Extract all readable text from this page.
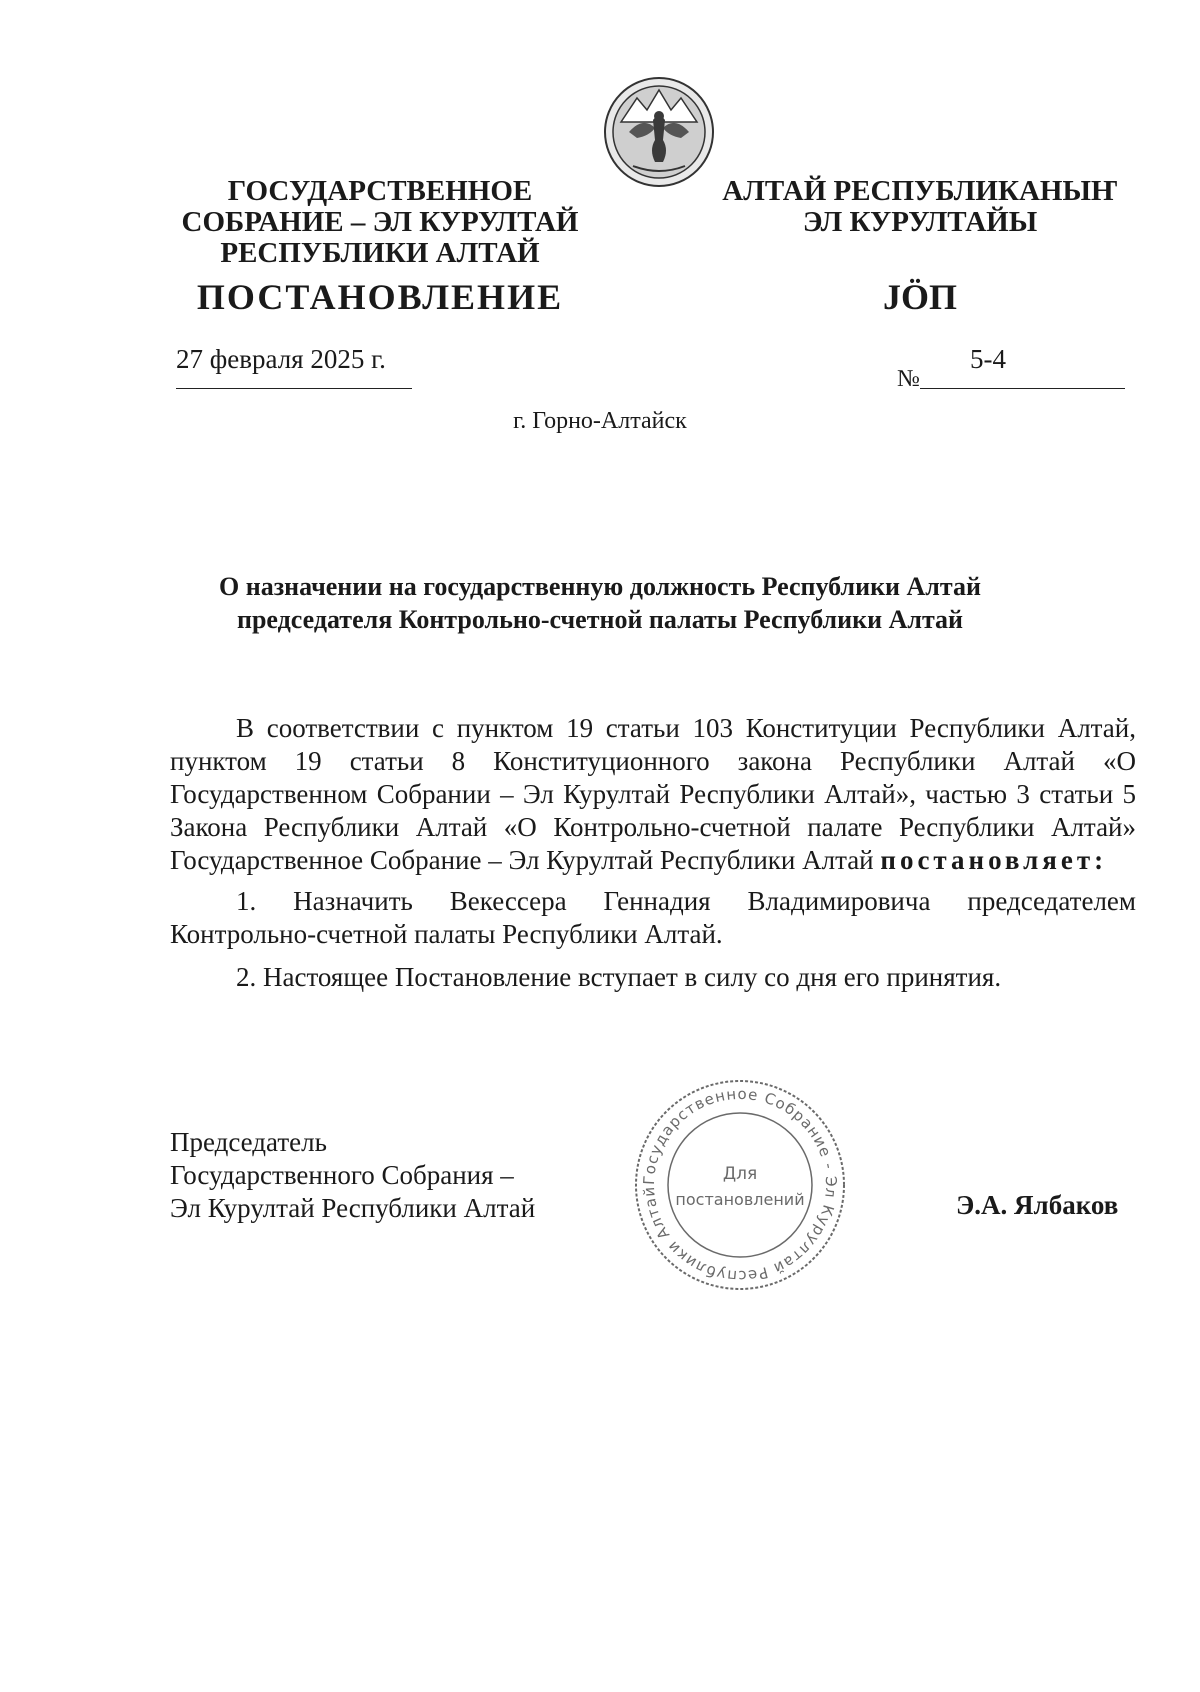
ГОСУДАРСТВЕННОЕ
СОБРАНИЕ – ЭЛ КУРУЛТАЙ
РЕСПУБЛИКИ АЛТАЙ
ПОСТАНОВЛЕНИЕ
АЛТАЙ РЕСПУБЛИКАНЫҤ
ЭЛ КУРУЛТАЙЫ
JӦП
27 февраля 2025 г.
№
5-4
г. Горно-Алтайск
О назначении на государственную должность Республики Алтай
председателя Контрольно-счетной палаты Республики Алтай

В соответствии с пунктом 19 статьи 103 Конституции Республики Алтай, пунктом 19 статьи 8 Конституционного закона Республики Алтай «О Государственном Собрании – Эл Курултай Республики Алтай», частью 3 статьи 5 Закона Республики Алтай «О Контрольно-счетной палате Республики Алтай» Государственное Собрание – Эл Курултай Республики Алтай постановляет:

1. Назначить Векессера Геннадия Владимировича председателем Контрольно-счетной палаты Республики Алтай.

2. Настоящее Постановление вступает в силу со дня его принятия.

Председатель
Государственного Собрания –
Эл Курултай Республики Алтай
Государственное Собрание - Эл Курултай Республики Алтай
Для
постановлений	Э.А. Ялбаков
